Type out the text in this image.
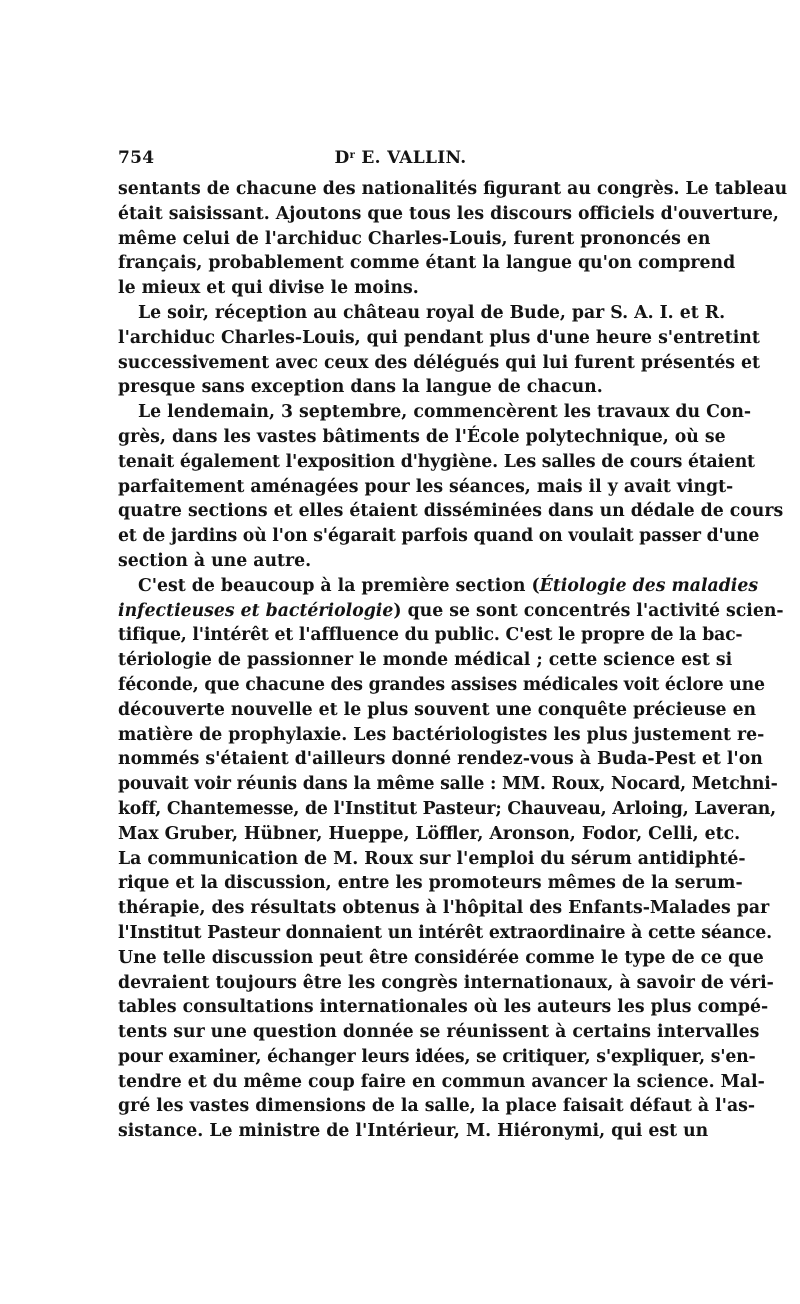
754	$D^r$ E. VALLIN.
sentants de chacune des nationalités figurant au congrès. Le tableau
était saisissant. Ajoutons que tous les discours officiels d'ouverture,
même celui de l'archiduc Charles-Louis, furent prononcés en
français, probablement comme étant la langue qu'on comprend
le mieux et qui divise le moins.
Le soir, réception au château royal de Bude, par S. A. I. et R.
l'archiduc Charles-Louis, qui pendant plus d'une heure s'entretint
successivement avec ceux des délégués qui lui furent présentés et
presque sans exception dans la langue de chacun.
Le lendemain, 3 septembre, commencèrent les travaux du Con-
grès, dans les vastes bâtiments de l'École polytechnique, où se
tenait également l'exposition d'hygiène. Les salles de cours étaient
parfaitement aménagées pour les séances, mais il y avait vingt-
quatre sections et elles étaient disséminées dans un dédale de cours
et de jardins où l'on s'égarait parfois quand on voulait passer d'une
section à une autre.
C'est de beaucoup à la première section (Étiologie des maladies
infectieuses et bactériologie) que se sont concentrés l'activité scien-
tifique, l'intérêt et l'affluence du public. C'est le propre de la bac-
tériologie de passionner le monde médical ; cette science est si
féconde, que chacune des grandes assises médicales voit éclore une
découverte nouvelle et le plus souvent une conquête précieuse en
matière de prophylaxie. Les bactériologistes les plus justement re-
nommés s'étaient d'ailleurs donné rendez-vous à Buda-Pest et l'on
pouvait voir réunis dans la même salle : MM. Roux, Nocard, Metchni-
koff, Chantemesse, de l'Institut Pasteur; Chauveau, Arloing, Laveran,
Max Gruber, Hübner, Hueppe, Löffler, Aronson, Fodor, Celli, etc.
La communication de M. Roux sur l'emploi du sérum antidiphté-
rique et la discussion, entre les promoteurs mêmes de la serum-
thérapie, des résultats obtenus à l'hôpital des Enfants-Malades par
l'Institut Pasteur donnaient un intérêt extraordinaire à cette séance.
Une telle discussion peut être considérée comme le type de ce que
devraient toujours être les congrès internationaux, à savoir de véri-
tables consultations internationales où les auteurs les plus compé-
tents sur une question donnée se réunissent à certains intervalles
pour examiner, échanger leurs idées, se critiquer, s'expliquer, s'en-
tendre et du même coup faire en commun avancer la science. Mal-
gré les vastes dimensions de la salle, la place faisait défaut à l'as-
sistance. Le ministre de l'Intérieur, M. Hiéronymi, qui est un
